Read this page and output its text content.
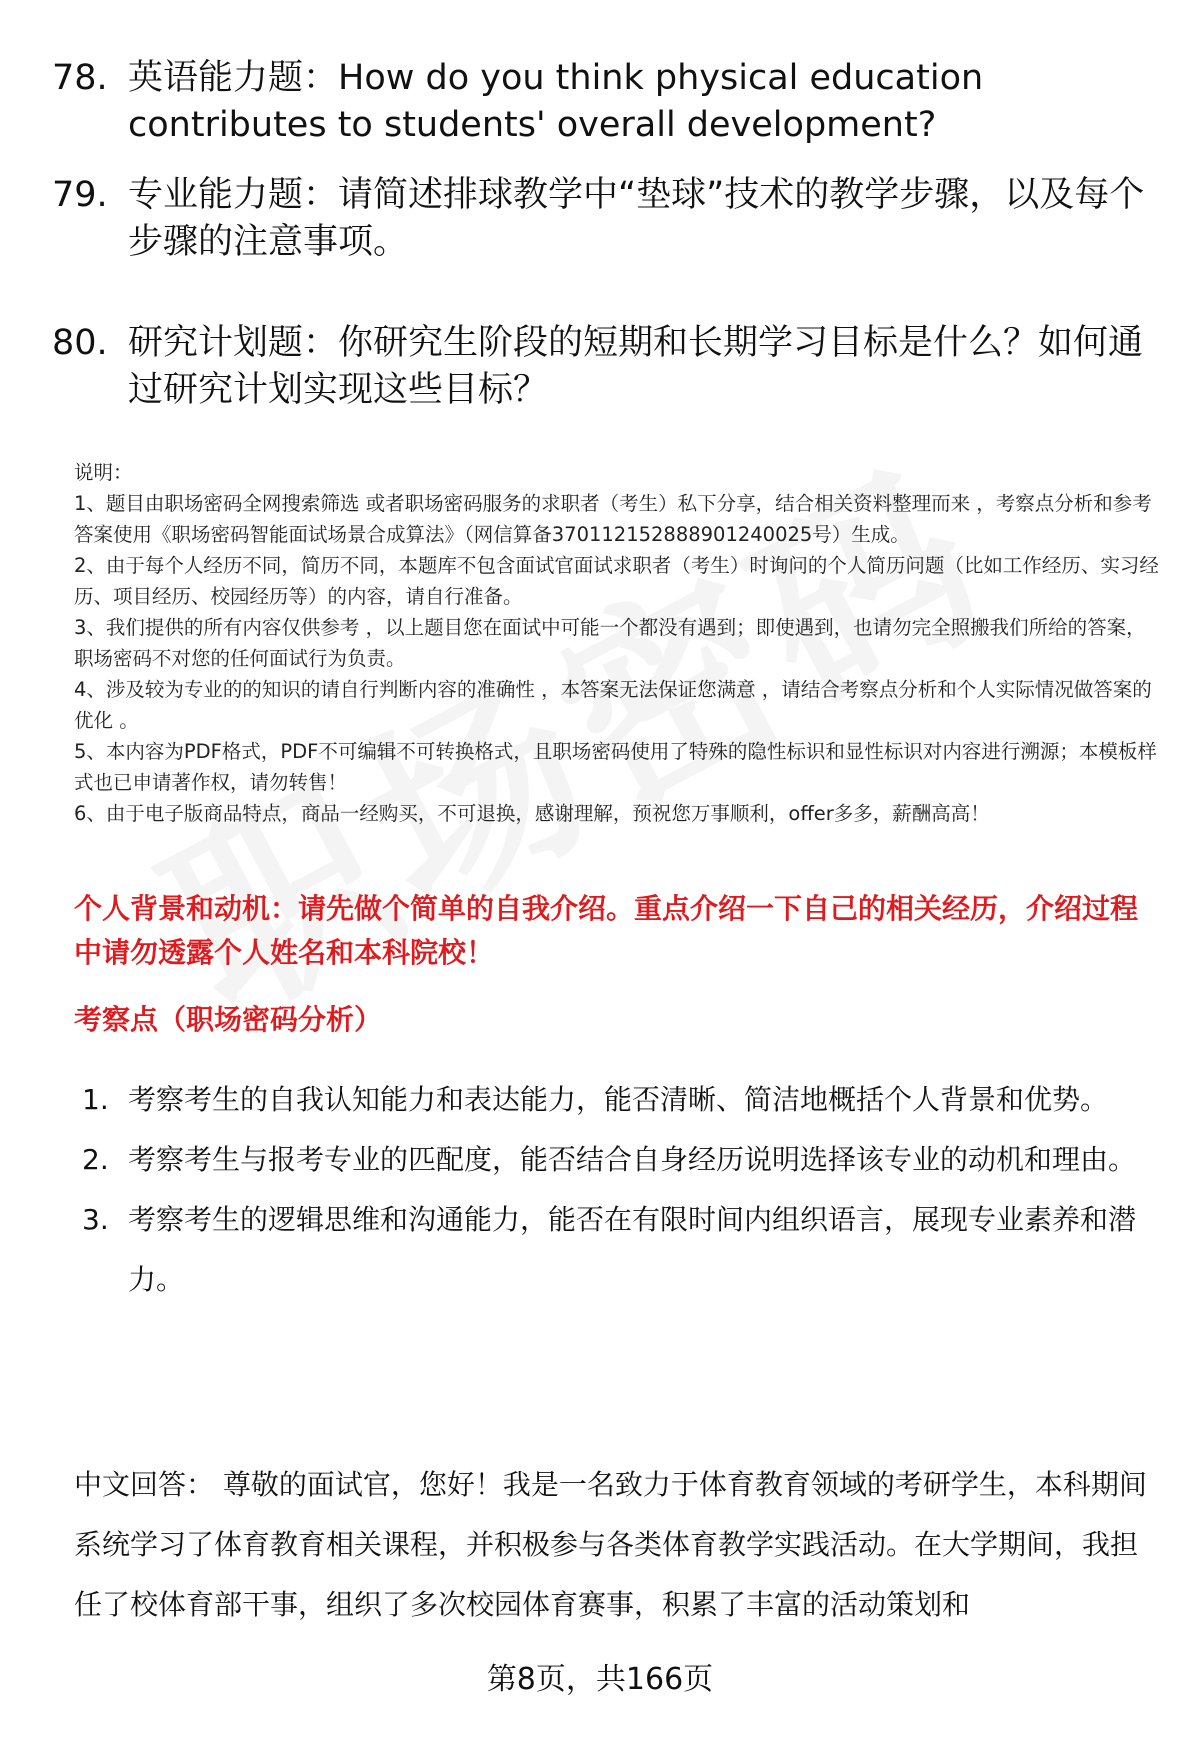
78. 英语能力题：How do you think physical education contributes to students' overall development?
79. 专业能力题：请简述排球教学中“垫球”技术的教学步骤，以及每个步骤的注意事项。
80. 研究计划题：你研究生阶段的短期和长期学习目标是什么？如何通过研究计划实现这些目标？

说明：

1、题目由职场密码全网搜索筛选 或者职场密码服务的求职者（考生）私下分享，结合相关资料整理而来 ，考察点分析和参考答案使用《职场密码智能面试场景合成算法》（网信算备370112152888901240025号）生成。

2、由于每个人经历不同，简历不同，本题库不包含面试官面试求职者（考生）时询问的个人简历问题（比如工作经历、实习经历、项目经历、校园经历等）的内容，请自行准备。

3、我们提供的所有内容仅供参考 ，以上题目您在面试中可能一个都没有遇到；即使遇到，也请勿完全照搬我们所给的答案，职场密码不对您的任何面试行为负责。

4、涉及较为专业的的知识的请自行判断内容的准确性 ，本答案无法保证您满意 ，请结合考察点分析和个人实际情况做答案的优化 。

5、本内容为PDF格式，PDF不可编辑不可转换格式，且职场密码使用了特殊的隐性标识和显性标识对内容进行溯源；本模板样式也已申请著作权，请勿转售！

6、由于电子版商品特点，商品一经购买，不可退换，感谢理解，预祝您万事顺利，offer多多，薪酬高高！

个人背景和动机：请先做个简单的自我介绍。重点介绍一下自己的相关经历，介绍过程中请勿透露个人姓名和本科院校！
考察点（职场密码分析）
1. 考察考生的自我认知能力和表达能力，能否清晰、简洁地概括个人背景和优势。
2. 考察考生与报考专业的匹配度，能否结合自身经历说明选择该专业的动机和理由。
3. 考察考生的逻辑思维和沟通能力，能否在有限时间内组织语言，展现专业素养和潜力。
中文回答： 尊敬的面试官，您好！我是一名致力于体育教育领域的考研学生，本科期间系统学习了体育教育相关课程，并积极参与各类体育教学实践活动。在大学期间，我担任了校体育部干事，组织了多次校园体育赛事，积累了丰富的活动策划和
第8页，共166页
